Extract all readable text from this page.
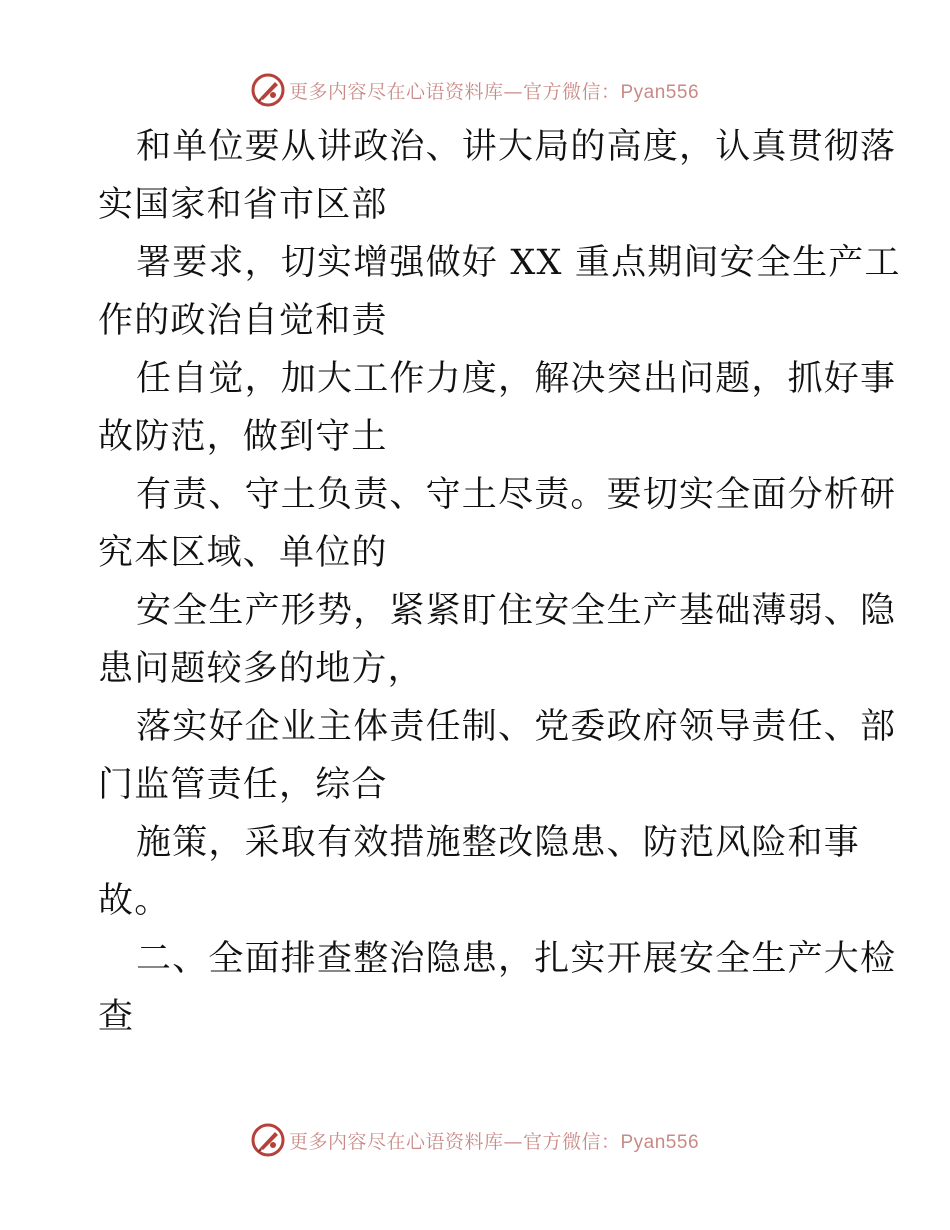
更多内容尽在心语资料库—官方微信：Pyan556
和单位要从讲政治、讲大局的高度，认真贯彻落
实国家和省市区部
署要求，切实增强做好 XX 重点期间安全生产工
作的政治自觉和责
任自觉，加大工作力度，解决突出问题，抓好事
故防范，做到守土
有责、守土负责、守土尽责。要切实全面分析研
究本区域、单位的
安全生产形势，紧紧盯住安全生产基础薄弱、隐
患问题较多的地方，
落实好企业主体责任制、党委政府领导责任、部
门监管责任，综合
施策，采取有效措施整改隐患、防范风险和事
故。
二、全面排查整治隐患，扎实开展安全生产大检
查
更多内容尽在心语资料库—官方微信：Pyan556
